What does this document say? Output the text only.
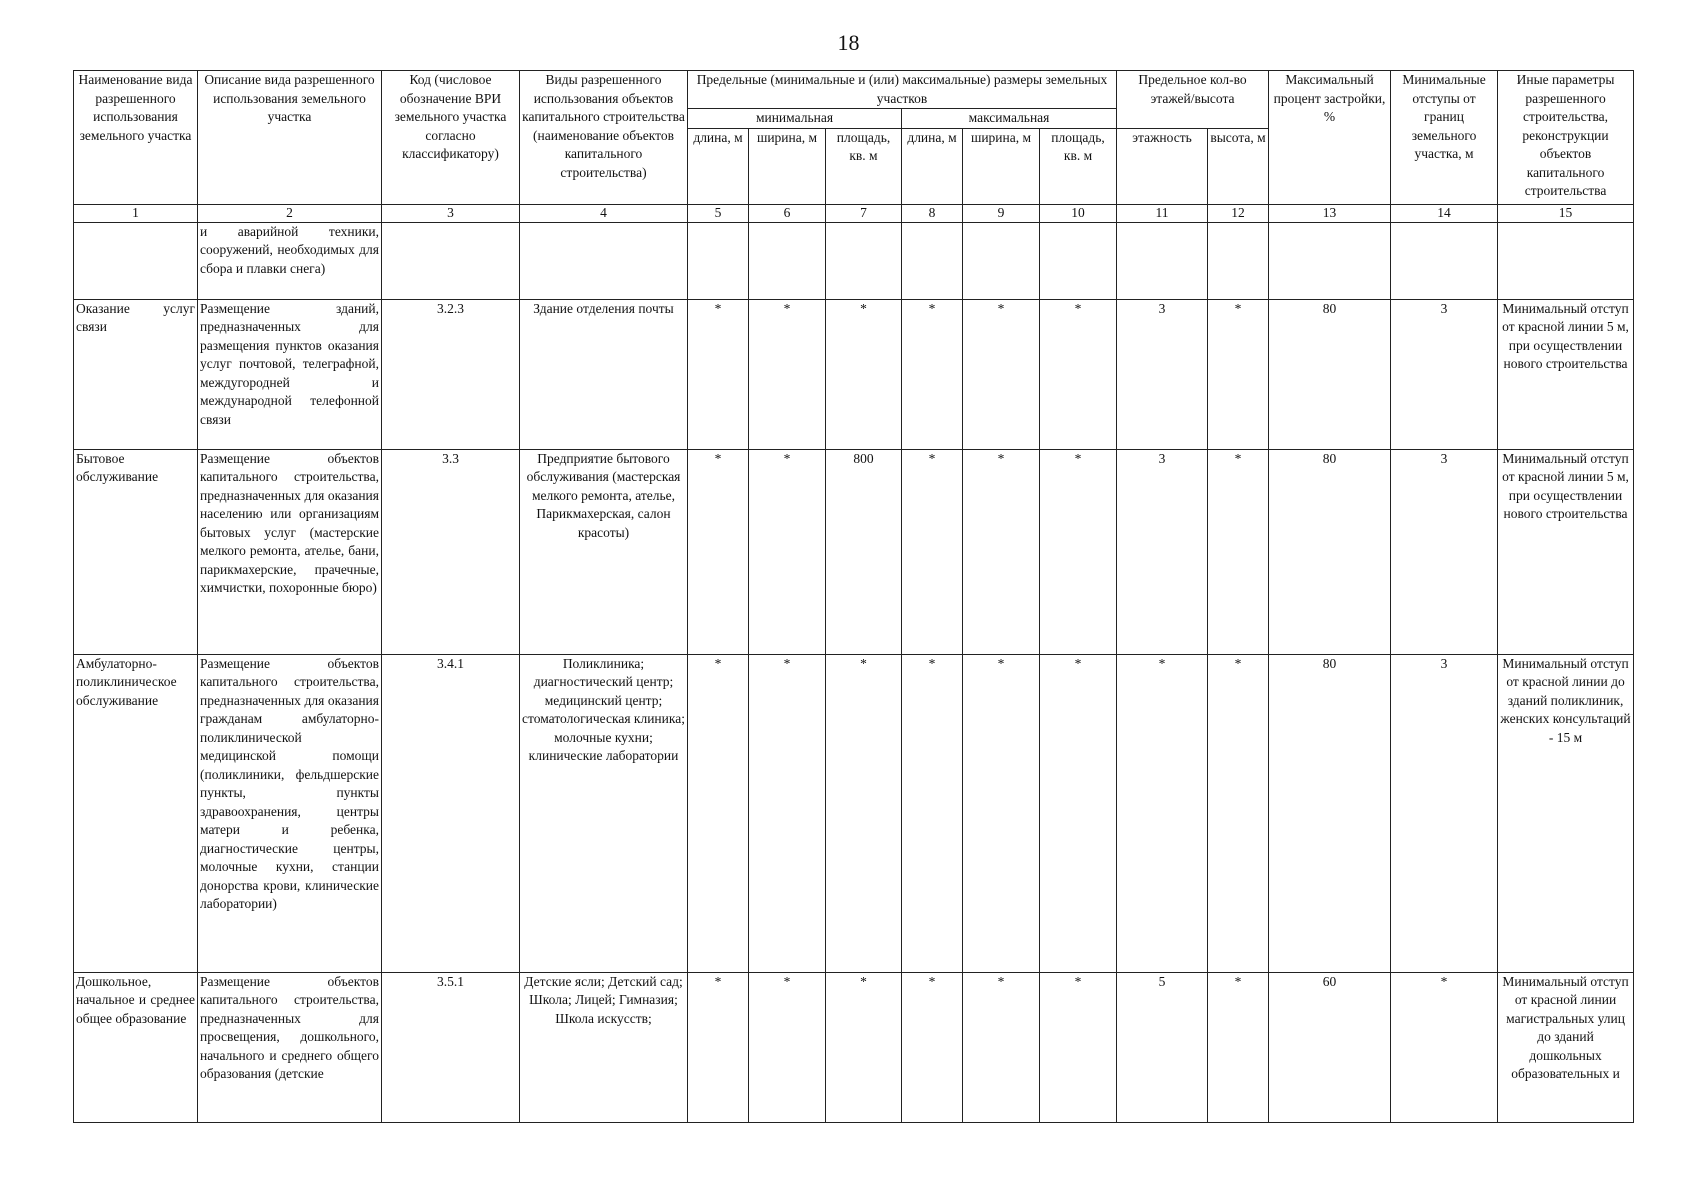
18
Наименование вида разрешенного использования земельного участка	Описание вида разрешенного использования земельного участка	Код (числовое обозначение ВРИ земельного участка согласно классификатору)	Виды разрешенного использования объектов капитального строительства (наименование объектов капитального строительства)	Предельные (минимальные и (или) максимальные) размеры земельных участков						Предельное кол-во этажей/высота		Максимальный процент застройки, %	Минимальные отступы от границ земельного участка, м	Иные параметры разрешенного строительства, реконструкции объектов капитального строительства
				минимальная			максимальная							
				длина, м	ширина, м	площадь, кв. м	длина, м	ширина, м	площадь, кв. м	этажность	высота, м			
1	2	3	4	5	6	7	8	9	10	11	12	13	14	15
	и аварийной техники, сооружений, необходимых для сбора и плавки снега)													
Оказание услуг связи	Размещение зданий, предназначенных для размещения пунктов оказания услуг почтовой, телеграфной, междугородней и международной телефонной связи	3.2.3	Здание отделения почты	*	*	*	*	*	*	3	*	80	3	Минимальный отступ от красной линии 5 м, при осуществлении нового строительства
Бытовое обслуживание	Размещение объектов капитального строительства, предназначенных для оказания населению или организациям бытовых услуг (мастерские мелкого ремонта, ателье, бани, парикмахерские, прачечные, химчистки, похоронные бюро)	3.3	Предприятие бытового обслуживания (мастерская мелкого ремонта, ателье, Парикмахерская, салон красоты)	*	*	800	*	*	*	3	*	80	3	Минимальный отступ от красной линии 5 м, при осуществлении нового строительства
Амбулаторно-поликлиническое обслуживание	Размещение объектов капитального строительства, предназначенных для оказания гражданам амбулаторно-поликлинической медицинской помощи (поликлиники, фельдшерские пункты, пункты здравоохранения, центры матери и ребенка, диагностические центры, молочные кухни, станции донорства крови, клинические лаборатории)	3.4.1	Поликлиника; диагностический центр; медицинский центр; стоматологическая клиника; молочные кухни; клинические лаборатории	*	*	*	*	*	*	*	*	80	3	Минимальный отступ от красной линии до зданий поликлиник, женских консультаций - 15 м
Дошкольное, начальное и среднее общее образование	Размещение объектов капитального строительства, предназначенных для просвещения, дошкольного, начального и среднего общего образования (детские	3.5.1	Детские ясли; Детский сад; Школа; Лицей; Гимназия; Школа искусств;	*	*	*	*	*	*	5	*	60	*	Минимальный отступ от красной линии магистральных улиц до зданий дошкольных образовательных и
